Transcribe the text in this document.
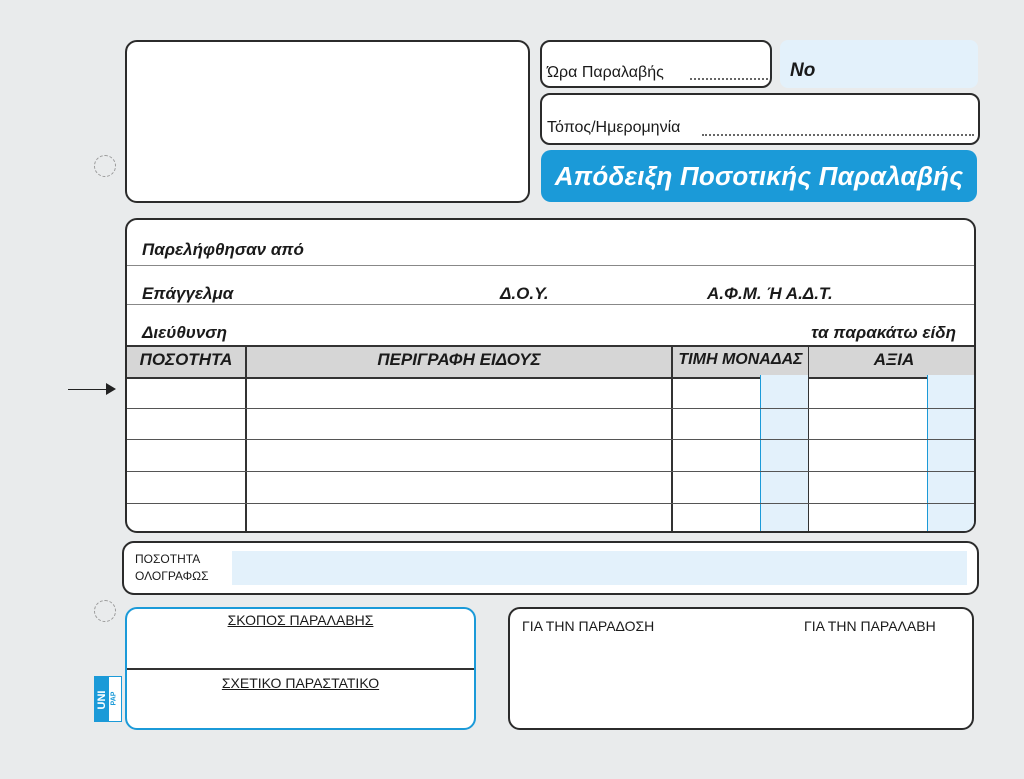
Ώρα Παραλαβής	No
Τόπος/Ημερομηνία
Απόδειξη Ποσοτικής Παραλαβής
Παρελήφθησαν από
Επάγγελμα	Δ.Ο.Υ.	Α.Φ.Μ. Ή Α.Δ.Τ.
Διεύθυνση	τα παρακάτω είδη
ΠΟΣΟΤΗΤΑ	ΠΕΡΙΓΡΑΦΗ ΕΙΔΟΥΣ	ΤΙΜΗ ΜΟΝΑΔΑΣ	ΑΞΙΑ
ΠΟΣΟΤΗΤΑ
ΟΛΟΓΡΑΦΩΣ
ΣΚΟΠΟΣ ΠΑΡΑΛΑΒΗΣ
ΣΧΕΤΙΚΟ ΠΑΡΑΣΤΑΤΙΚΟ
UNI PAP
ΓΙΑ ΤΗΝ ΠΑΡΑΔΟΣΗ	ΓΙΑ ΤΗΝ ΠΑΡΑΛΑΒΗ
